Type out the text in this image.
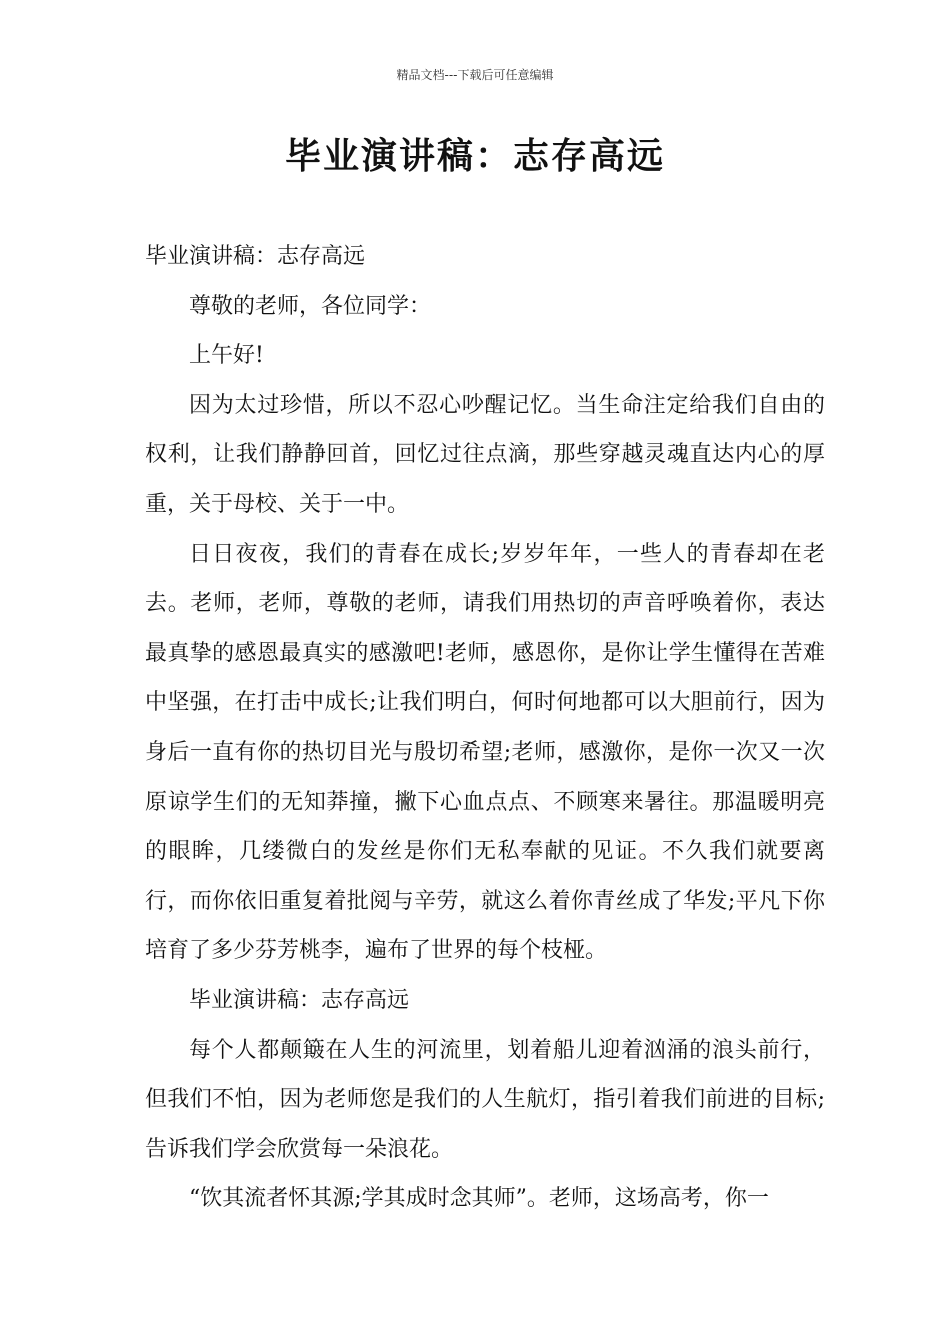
精品文档---下载后可任意编辑
毕业演讲稿：志存高远

毕业演讲稿：志存高远

尊敬的老师，各位同学：

上午好!

因为太过珍惜，所以不忍心吵醒记忆。当生命注定给我们自由的权利，让我们静静回首，回忆过往点滴，那些穿越灵魂直达内心的厚重，关于母校、关于一中。

日日夜夜，我们的青春在成长;岁岁年年，一些人的青春却在老去。老师，老师，尊敬的老师，请我们用热切的声音呼唤着你，表达最真挚的感恩最真实的感激吧!老师，感恩你，是你让学生懂得在苦难中坚强，在打击中成长;让我们明白，何时何地都可以大胆前行，因为身后一直有你的热切目光与殷切希望;老师，感激你，是你一次又一次原谅学生们的无知莽撞，撇下心血点点、不顾寒来暑往。那温暖明亮的眼眸，几缕微白的发丝是你们无私奉献的见证。不久我们就要离行，而你依旧重复着批阅与辛劳，就这么着你青丝成了华发;平凡下你培育了多少芬芳桃李，遍布了世界的每个枝桠。

毕业演讲稿：志存高远

每个人都颠簸在人生的河流里，划着船儿迎着汹涌的浪头前行，但我们不怕，因为老师您是我们的人生航灯，指引着我们前进的目标;告诉我们学会欣赏每一朵浪花。

“饮其流者怀其源;学其成时念其师”。老师，这场高考，你一
